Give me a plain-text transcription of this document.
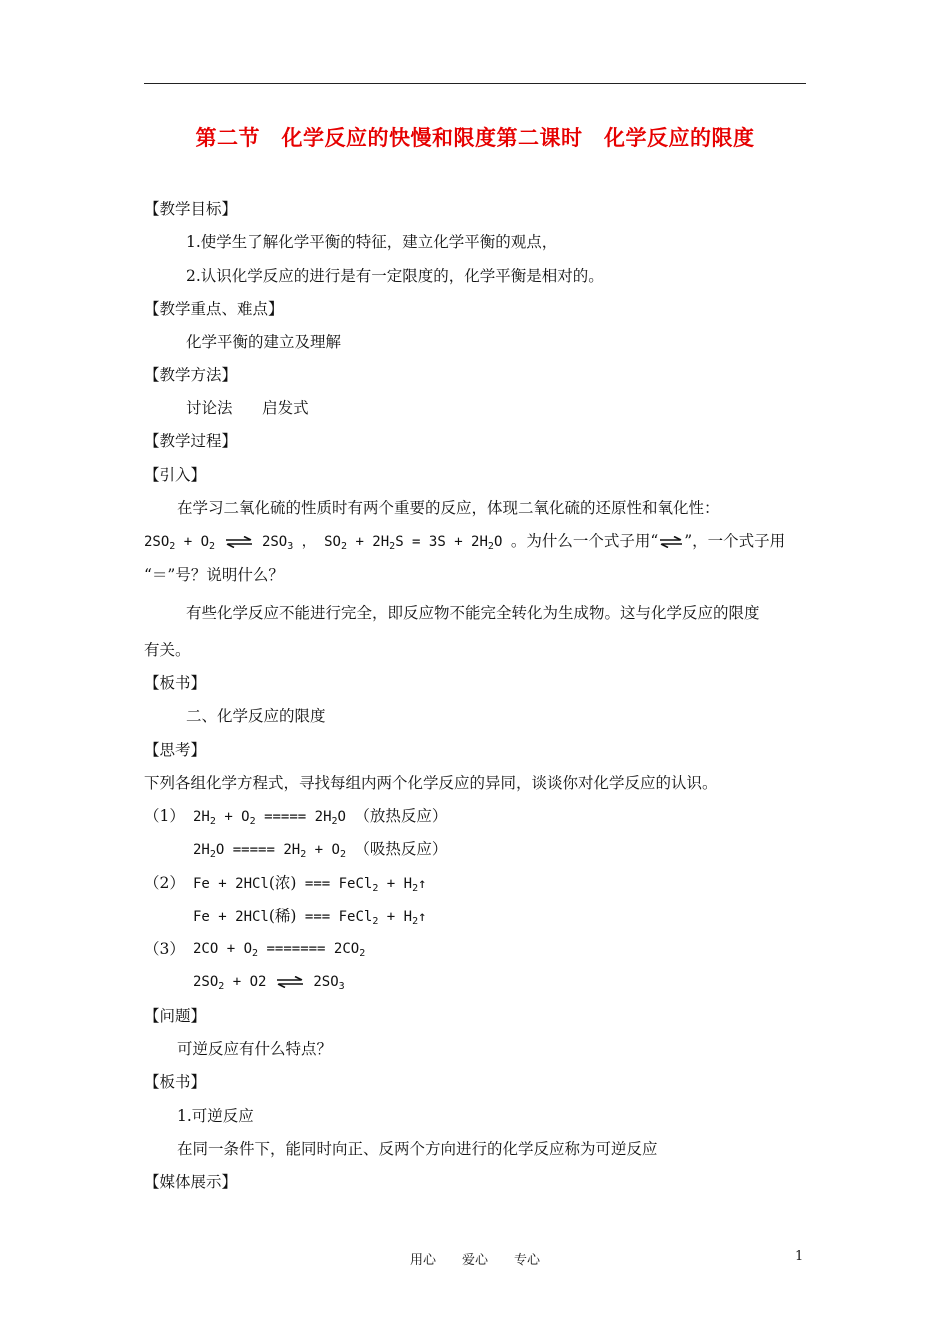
第二节　化学反应的快慢和限度第二课时　化学反应的限度
【教学目标】
1.使学生了解化学平衡的特征，建立化学平衡的观点，
2.认识化学反应的进行是有一定限度的，化学平衡是相对的。
【教学重点、难点】
化学平衡的建立及理解
【教学方法】
讨论法 启发式
【教学过程】
【引入】
在学习二氧化硫的性质时有两个重要的反应，体现二氧化硫的还原性和氧化性：
$2SO_2 + O_2$ ⇌ $2SO_3$ ， $SO_2 + 2H_2S = 3S + 2H_2O$ 。为什么一个式子用“⇌”，一个式子用
“＝”号？说明什么？
有些化学反应不能进行完全，即反应物不能完全转化为生成物。这与化学反应的限度
有关。
【板书】
二、化学反应的限度
【思考】
下列各组化学方程式，寻找每组内两个化学反应的异同，谈谈你对化学反应的认识。
（1） $2H_2 + O_2$ ===== $2H_2O$ （放热反应）
$2H_2O$ ===== $2H_2 + O_2$ （吸热反应）
（2） Fe + 2HCl(浓) === FeCl$_2$ + $H_2↑$
Fe + 2HCl(稀) === FeCl$_2$ + $H_2↑$
（3） $2CO + O_2$ ======= $2CO_2$
$2SO_2 + O2$ ⇌ $2SO_3$
【问题】
可逆反应有什么特点？
【板书】
1.可逆反应
在同一条件下，能同时向正、反两个方向进行的化学反应称为可逆反应
【媒体展示】
用心　　爱心　　专心	1
